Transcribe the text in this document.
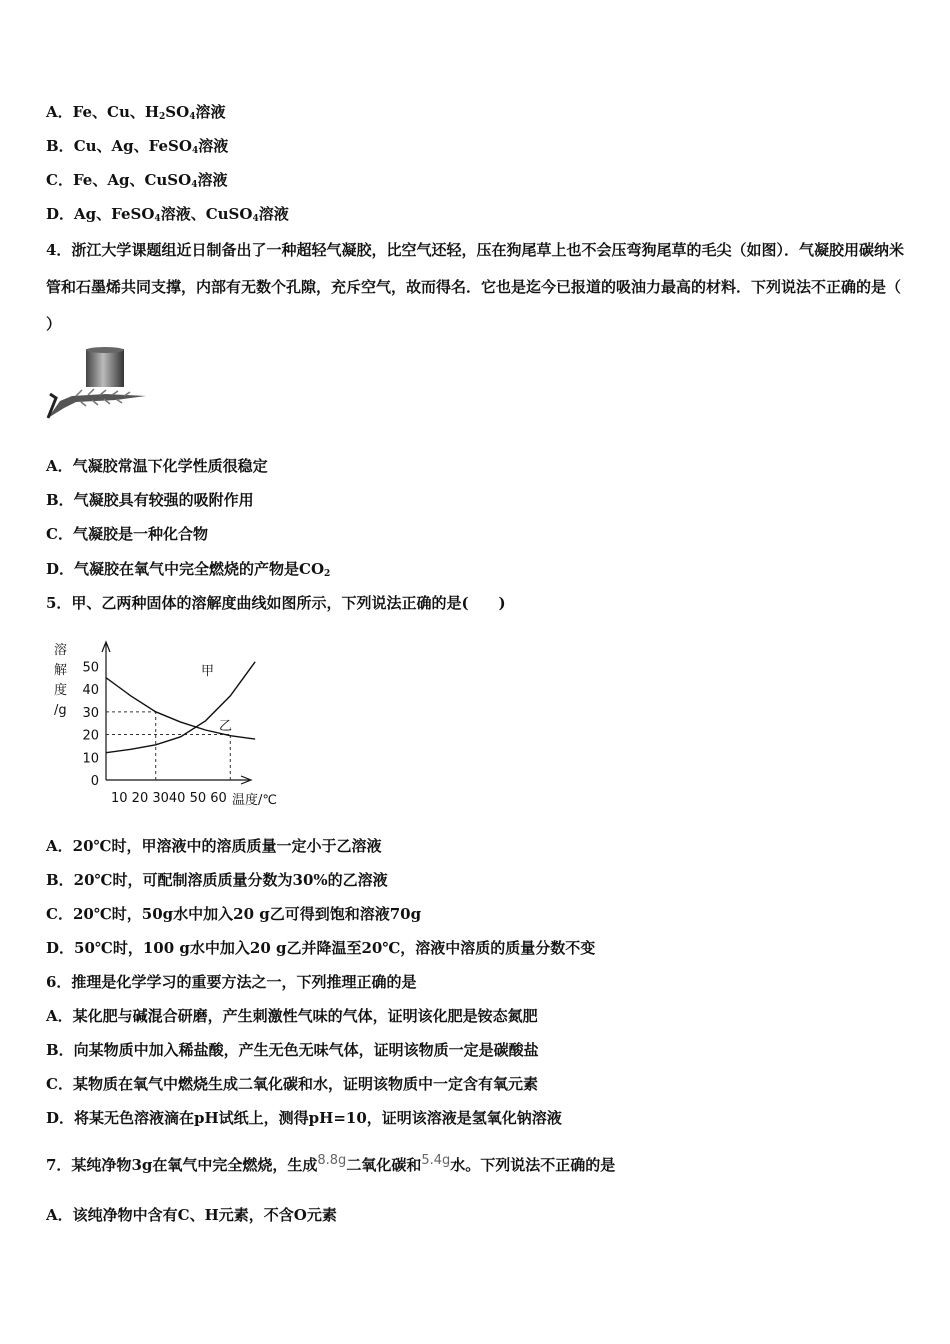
A．Fe、Cu、$H_2SO_4$溶液
B．Cu、Ag、FeSO$_4$溶液
C．Fe、Ag、CuSO$_4$溶液
D．Ag、FeSO$_4$溶液、CuSO$_4$溶液
4．浙江大学课题组近日制备出了一种超轻气凝胶，比空气还轻，压在狗尾草上也不会压弯狗尾草的毛尖（如图）．气凝胶用碳纳米管和石墨烯共同支撑，内部有无数个孔隙，充斥空气，故而得名．它也是迄今已报道的吸油力最高的材料．下列说法不正确的是（ ）
A．气凝胶常温下化学性质很稳定
B．气凝胶具有较强的吸附作用
C．气凝胶是一种化合物
D．气凝胶在氧气中完全燃烧的产物是$CO_2$
5．甲、乙两种固体的溶解度曲线如图所示，下列说法正确的是(　　)
溶
解
度
/g
50
40
30
20
10
0
10 20 3040 50 60 温度/℃
甲
乙
A．20℃时，甲溶液中的溶质质量一定小于乙溶液
B．20℃时，可配制溶质质量分数为30%的乙溶液
C．20℃时，50g水中加入20 g乙可得到饱和溶液70g
D．50℃时，100 g水中加入20 g乙并降温至20℃，溶液中溶质的质量分数不变
6．推理是化学学习的重要方法之一，下列推理正确的是
A．某化肥与碱混合研磨，产生刺激性气味的气体，证明该化肥是铵态氮肥
B．向某物质中加入稀盐酸，产生无色无味气体，证明该物质一定是碳酸盐
C．某物质在氧气中燃烧生成二氧化碳和水，证明该物质中一定含有氧元素
D．将某无色溶液滴在pH试纸上，测得pH=10，证明该溶液是氢氧化钠溶液
7．某纯净物3g在氧气中完全燃烧，生成8.8g二氧化碳和5.4g水。下列说法不正确的是
A．该纯净物中含有C、H元素，不含O元素
